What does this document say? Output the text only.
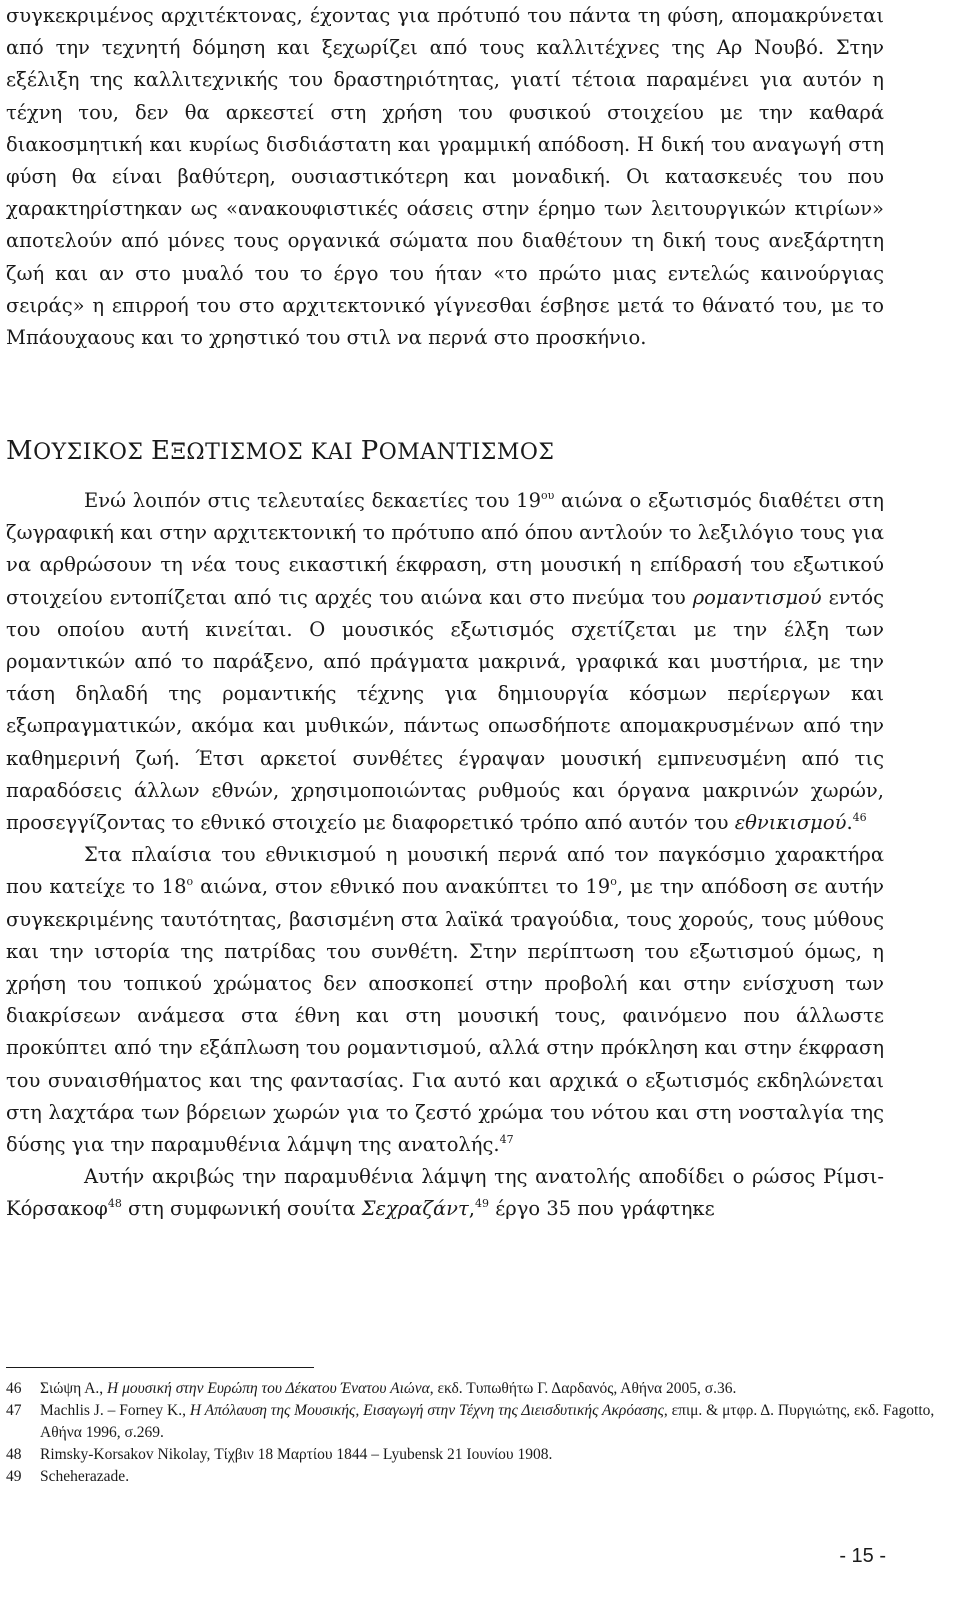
συγκεκριμένος αρχιτέκτονας, έχοντας για πρότυπό του πάντα τη φύση, απομακρύνεται από την τεχνητή δόμηση και ξεχωρίζει από τους καλλιτέχνες της Αρ Νουβό. Στην εξέλιξη της καλλιτεχνικής του δραστηριότητας, γιατί τέτοια παραμένει για αυτόν η τέχνη του, δεν θα αρκεστεί στη χρήση του φυσικού στοιχείου με την καθαρά διακοσμητική και κυρίως δισδιάστατη και γραμμική απόδοση. Η δική του αναγωγή στη φύση θα είναι βαθύτερη, ουσιαστικότερη και μοναδική. Οι κατασκευές του που χαρακτηρίστηκαν ως «ανακουφιστικές οάσεις στην έρημο των λειτουργικών κτιρίων» αποτελούν από μόνες τους οργανικά σώματα που διαθέτουν τη δική τους ανεξάρτητη ζωή και αν στο μυαλό του το έργο του ήταν «το πρώτο μιας εντελώς καινούργιας σειράς» η επιρροή του στο αρχιτεκτονικό γίγνεσθαι έσβησε μετά το θάνατό του, με το Μπάουχαους και το χρηστικό του στιλ να περνά στο προσκήνιο.

ΜΟΥΣΙΚΟΣ ΕΞΩΤΙΣΜΟΣ ΚΑΙ ΡΟΜΑΝΤΙΣΜΟΣ

Ενώ λοιπόν στις τελευταίες δεκαετίες του $19^{o\upsilon}$ αιώνα ο εξωτισμός διαθέτει στη ζωγραφική και στην αρχιτεκτονική το πρότυπο από όπου αντλούν το λεξιλόγιο τους για να αρθρώσουν τη νέα τους εικαστική έκφραση, στη μουσική η επίδρασή του εξωτικού στοιχείου εντοπίζεται από τις αρχές του αιώνα και στο πνεύμα του ρομαντισμού εντός του οποίου αυτή κινείται. Ο μουσικός εξωτισμός σχετίζεται με την έλξη των ρομαντικών από το παράξενο, από πράγματα μακρινά, γραφικά και μυστήρια, με την τάση δηλαδή της ρομαντικής τέχνης για δημιουργία κόσμων περίεργων και εξωπραγματικών, ακόμα και μυθικών, πάντως οπωσδήποτε απομακρυσμένων από την καθημερινή ζωή. Έτσι αρκετοί συνθέτες έγραψαν μουσική εμπνευσμένη από τις παραδόσεις άλλων εθνών, χρησιμοποιώντας ρυθμούς και όργανα μακρινών χωρών, προσεγγίζοντας το εθνικό στοιχείο με διαφορετικό τρόπο από αυτόν του εθνικισμού.$^{46}$

Στα πλαίσια του εθνικισμού η μουσική περνά από τον παγκόσμιο χαρακτήρα που κατείχε το $18^o$ αιώνα, στον εθνικό που ανακύπτει το $19^o$, με την απόδοση σε αυτήν συγκεκριμένης ταυτότητας, βασισμένη στα λαϊκά τραγούδια, τους χορούς, τους μύθους και την ιστορία της πατρίδας του συνθέτη. Στην περίπτωση του εξωτισμού όμως, η χρήση του τοπικού χρώματος δεν αποσκοπεί στην προβολή και στην ενίσχυση των διακρίσεων ανάμεσα στα έθνη και στη μουσική τους, φαινόμενο που άλλωστε προκύπτει από την εξάπλωση του ρομαντισμού, αλλά στην πρόκληση και στην έκφραση του συναισθήματος και της φαντασίας. Για αυτό και αρχικά ο εξωτισμός εκδηλώνεται στη λαχτάρα των βόρειων χωρών για το ζεστό χρώμα του νότου και στη νοσταλγία της δύσης για την παραμυθένια λάμψη της ανατολής.$^{47}$

Αυτήν ακριβώς την παραμυθένια λάμψη της ανατολής αποδίδει ο ρώσος Ρίμσι-Κόρσακοφ$^{48}$ στη συμφωνική σουίτα Σεχραζάντ,$^{49}$ έργο 35 που γράφτηκε

46	Σιώψη Α., Η μουσική στην Ευρώπη του Δέκατου Ένατου Αιώνα, εκδ. Τυπωθήτω Γ. Δαρδανός, Αθήνα 2005, σ.36.
47	Machlis J. – Forney K., Η Απόλαυση της Μουσικής, Εισαγωγή στην Τέχνη της Διεισδυτικής Ακρόασης, επιμ. & μτφρ. Δ. Πυργιώτης, εκδ. Fagotto, Αθήνα 1996, σ.269.
48	Rimsky-Korsakov Nikolay, Τίχβιν 18 Μαρτίου 1844 – Lyubensk 21 Ιουνίου 1908.
49	Scheherazade.
- 15 -
